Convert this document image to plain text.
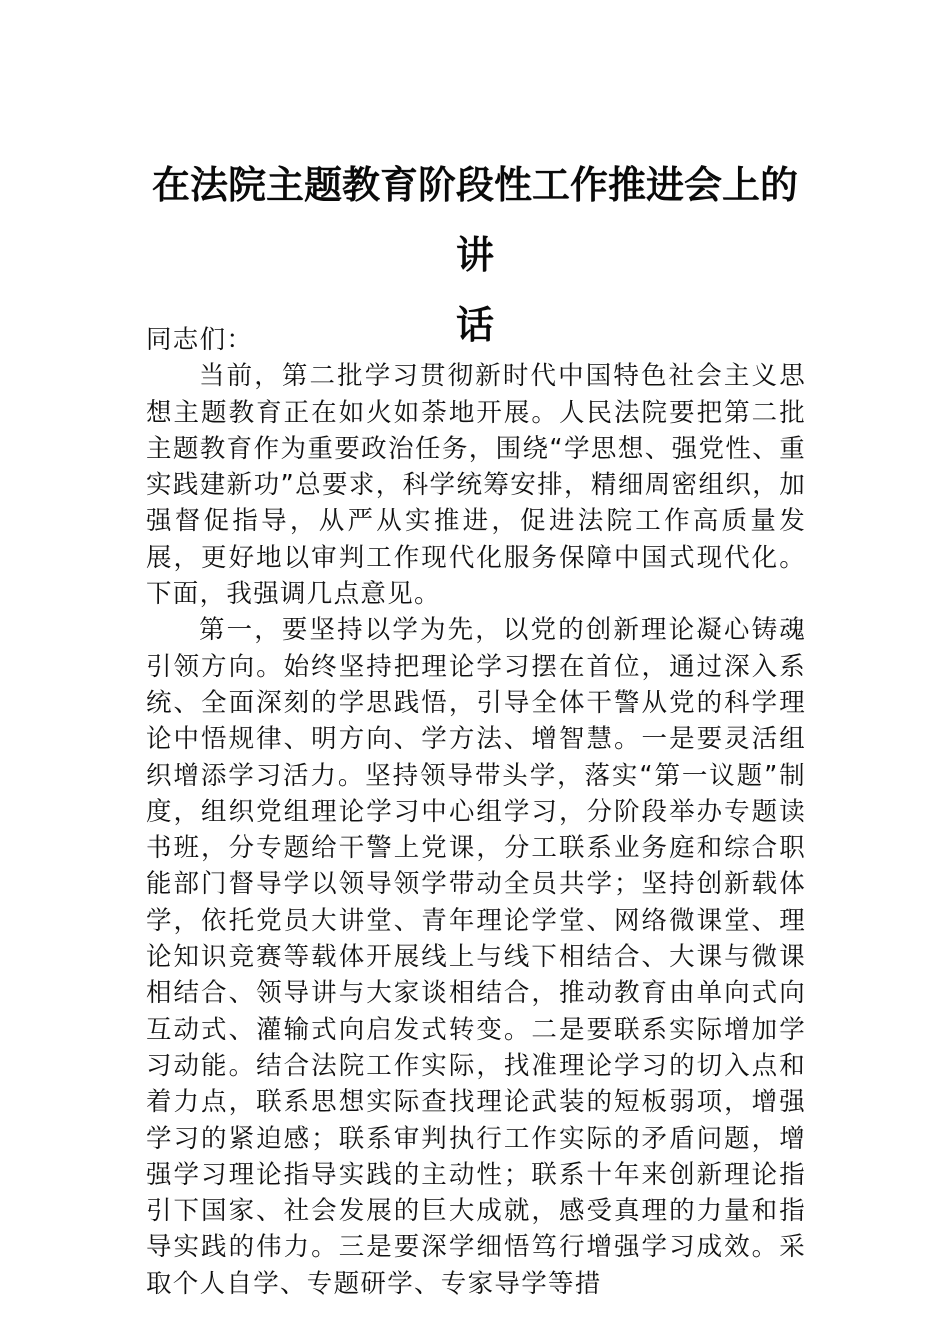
在法院主题教育阶段性工作推进会上的讲
话

同志们：

当前，第二批学习贯彻新时代中国特色社会主义思想主题教育正在如火如荼地开展。人民法院要把第二批主题教育作为重要政治任务，围绕“学思想、强党性、重实践建新功”总要求，科学统筹安排，精细周密组织，加强督促指导，从严从实推进，促进法院工作高质量发展，更好地以审判工作现代化服务保障中国式现代化。下面，我强调几点意见。

第一，要坚持以学为先，以党的创新理论凝心铸魂引领方向。始终坚持把理论学习摆在首位，通过深入系统、全面深刻的学思践悟，引导全体干警从党的科学理论中悟规律、明方向、学方法、增智慧。一是要灵活组织增添学习活力。坚持领导带头学，落实“第一议题”制度，组织党组理论学习中心组学习，分阶段举办专题读书班，分专题给干警上党课，分工联系业务庭和综合职能部门督导学以领导领学带动全员共学；坚持创新载体学，依托党员大讲堂、青年理论学堂、网络微课堂、理论知识竞赛等载体开展线上与线下相结合、大课与微课相结合、领导讲与大家谈相结合，推动教育由单向式向互动式、灌输式向启发式转变。二是要联系实际增加学习动能。结合法院工作实际，找准理论学习的切入点和着力点，联系思想实际查找理论武装的短板弱项，增强学习的紧迫感；联系审判执行工作实际的矛盾问题，增强学习理论指导实践的主动性；联系十年来创新理论指引下国家、社会发展的巨大成就，感受真理的力量和指导实践的伟力。三是要深学细悟笃行增强学习成效。采取个人自学、专题研学、专家导学等措
